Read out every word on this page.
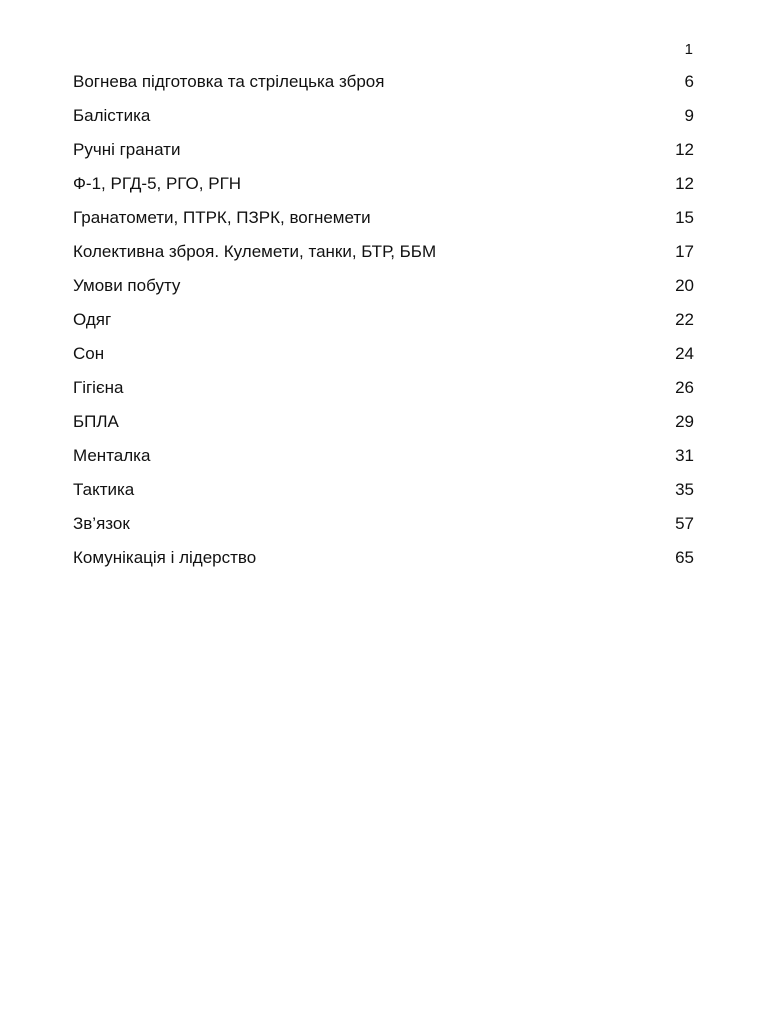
1
Вогнева підготовка та стрілецька зброя	6
Балістика	9
Ручні гранати	12
Ф-1, РГД-5, РГО, РГН	12
Гранатомети, ПТРК, ПЗРК, вогнемети	15
Колективна зброя. Кулемети, танки, БТР, ББМ	17
Умови побуту	20
Одяг	22
Сон	24
Гігієна	26
БПЛА	29
Менталка	31
Тактика	35
Зв’язок	57
Комунікація і лідерство	65
